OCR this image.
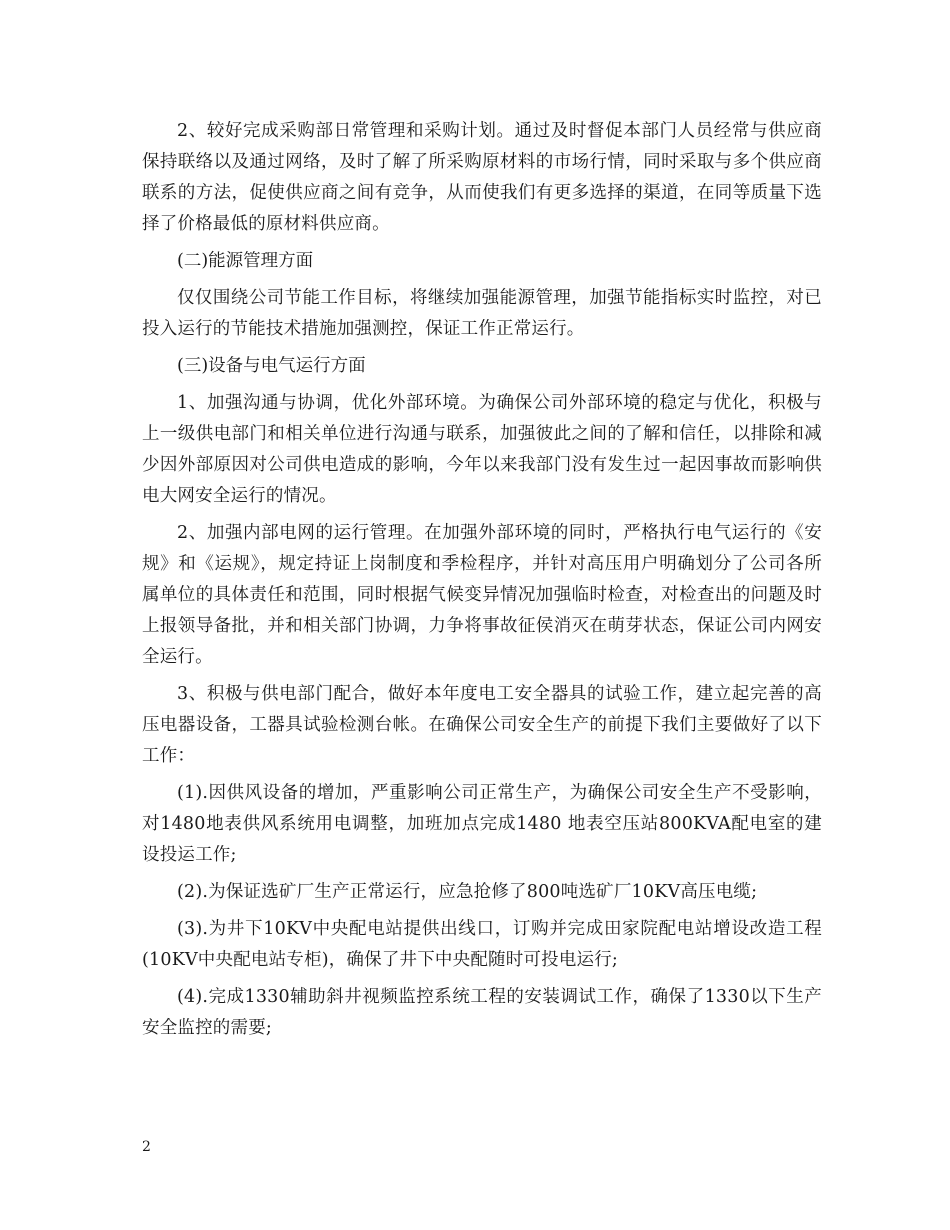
2、较好完成采购部日常管理和采购计划。通过及时督促本部门人员经常与供应商保持联络以及通过网络，及时了解了所采购原材料的市场行情，同时采取与多个供应商联系的方法，促使供应商之间有竞争，从而使我们有更多选择的渠道，在同等质量下选择了价格最低的原材料供应商。

(二)能源管理方面

仅仅围绕公司节能工作目标，将继续加强能源管理，加强节能指标实时监控，对已投入运行的节能技术措施加强测控，保证工作正常运行。

(三)设备与电气运行方面

1、加强沟通与协调，优化外部环境。为确保公司外部环境的稳定与优化，积极与上一级供电部门和相关单位进行沟通与联系，加强彼此之间的了解和信任，以排除和减少因外部原因对公司供电造成的影响，今年以来我部门没有发生过一起因事故而影响供电大网安全运行的情况。

2、加强内部电网的运行管理。在加强外部环境的同时，严格执行电气运行的《安规》和《运规》，规定持证上岗制度和季检程序，并针对高压用户明确划分了公司各所属单位的具体责任和范围，同时根据气候变异情况加强临时检查，对检查出的问题及时上报领导备批，并和相关部门协调，力争将事故征侯消灭在萌芽状态，保证公司内网安全运行。

3、积极与供电部门配合，做好本年度电工安全器具的试验工作，建立起完善的高压电器设备，工器具试验检测台帐。在确保公司安全生产的前提下我们主要做好了以下工作：

(1).因供风设备的增加，严重影响公司正常生产，为确保公司安全生产不受影响，对1480地表供风系统用电调整，加班加点完成1480 地表空压站800KVA配电室的建设投运工作;

(2).为保证选矿厂生产正常运行，应急抢修了800吨选矿厂10KV高压电缆;

(3).为井下10KV中央配电站提供出线口，订购并完成田家院配电站增设改造工程(10KV中央配电站专柜)，确保了井下中央配随时可投电运行;

(4).完成1330辅助斜井视频监控系统工程的安装调试工作，确保了1330以下生产安全监控的需要;

2
